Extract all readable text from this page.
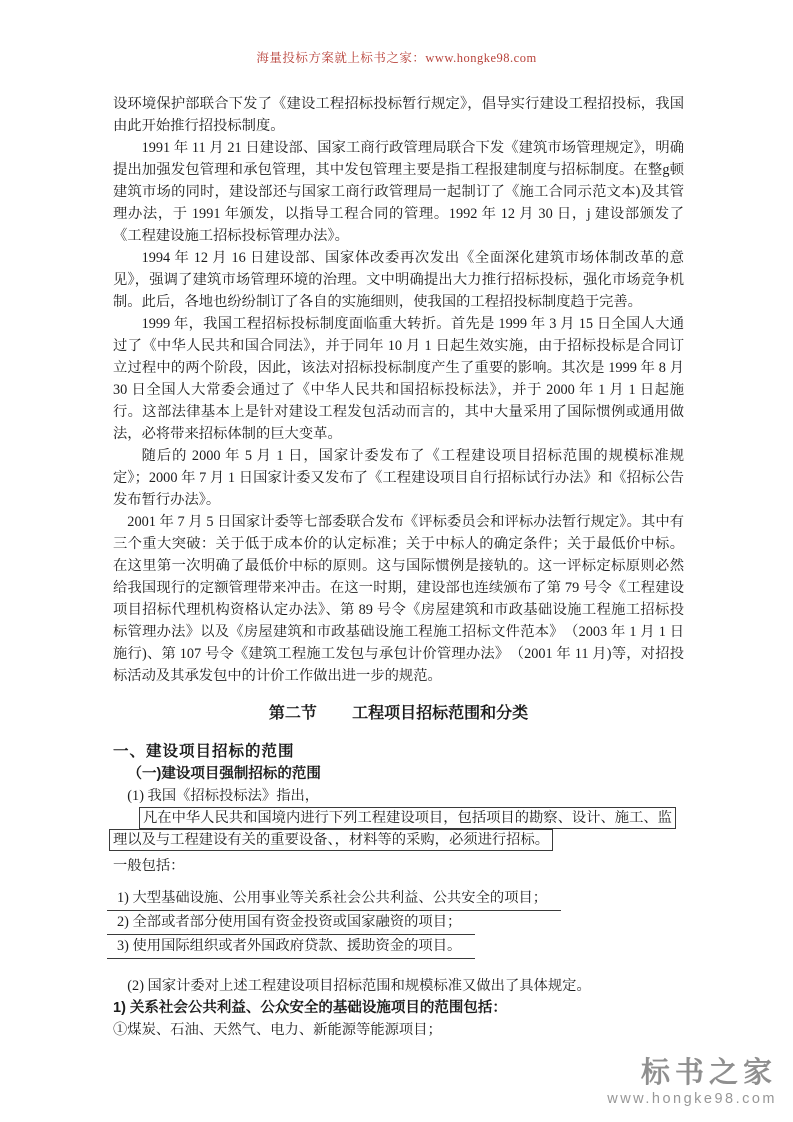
海量投标方案就上标书之家：www.hongke98.com

设环境保护部联合下发了《建设工程招标投标暂行规定》，倡导实行建设工程招投标，我国由此开始推行招投标制度。

1991 年 11 月 21 日建设部、国家工商行政管理局联合下发《建筑市场管理规定》，明确提出加强发包管理和承包管理，其中发包管理主要是指工程报建制度与招标制度。在整g顿建筑市场的同时，建设部还与国家工商行政管理局一起制订了《施工合同示范文本)及其管理办法，于 1991 年颁发，以指导工程合同的管理。1992 年 12 月 30 日，j 建设部颁发了《工程建设施工招标投标管理办法》。

1994 年 12 月 16 日建设部、国家体改委再次发出《全面深化建筑市场体制改革的意见》，强调了建筑市场管理环境的治理。文中明确提出大力推行招标投标，强化市场竞争机制。此后，各地也纷纷制订了各自的实施细则，使我国的工程招投标制度趋于完善。

1999 年，我国工程招标投标制度面临重大转折。首先是 1999 年 3 月 15 日全国人大通过了《中华人民共和国合同法》，并于同年 10 月 1 日起生效实施，由于招标投标是合同订立过程中的两个阶段，因此，该法对招标投标制度产生了重要的影响。其次是 1999 年 8 月 30 日全国人大常委会通过了《中华人民共和国招标投标法》，并于 2000 年 1 月 1 日起施行。这部法律基本上是针对建设工程发包活动而言的，其中大量采用了国际惯例或通用做法，必将带来招标体制的巨大变革。

随后的 2000 年 5 月 1 日，国家计委发布了《工程建设项目招标范围的规模标准规定》；2000 年 7 月 1 日国家计委又发布了《工程建设项目自行招标试行办法》和《招标公告发布暂行办法》。

2001 年 7 月 5 日国家计委等七部委联合发布《评标委员会和评标办法暂行规定》。其中有三个重大突破：关于低于成本价的认定标准；关于中标人的确定条件；关于最低价中标。在这里第一次明确了最低价中标的原则。这与国际惯例是接轨的。这一评标定标原则必然给我国现行的定额管理带来冲击。在这一时期，建设部也连续颁布了第 79 号令《工程建设项目招标代理机构资格认定办法》、第 89 号令《房屋建筑和市政基础设施工程施工招标投标管理办法》以及《房屋建筑和市政基础设施工程施工招标文件范本》　（2003 年 1 月 1 日施行)、第 107 号令《建筑工程施工发包与承包计价管理办法》　（2001 年 11 月)等，对招投标活动及其承发包中的计价工作做出进一步的规范。

第二节 工程项目招标范围和分类
一、建设项目招标的范围
（一)建设项目强制招标的范围
(1) 我国《招标投标法》指出，
凡在中华人民共和国境内进行下列工程建设项目，包括项目的勘察、设计、施工、监
理以及与工程建设有关的重要设备、，材料等的采购，必须进行招标。
一般包括：
1) 大型基础设施、公用事业等关系社会公共利益、公共安全的项目；
2) 全部或者部分使用国有资金投资或国家融资的项目；
3) 使用国际组织或者外国政府贷款、援助资金的项目。
(2) 国家计委对上述工程建设项目招标范围和规模标准又做出了具体规定。
1) 关系社会公共利益、公众安全的基础设施项目的范围包括：
①煤炭、石油、天然气、电力、新能源等能源项目；
标书之家
www.hongke98.com
